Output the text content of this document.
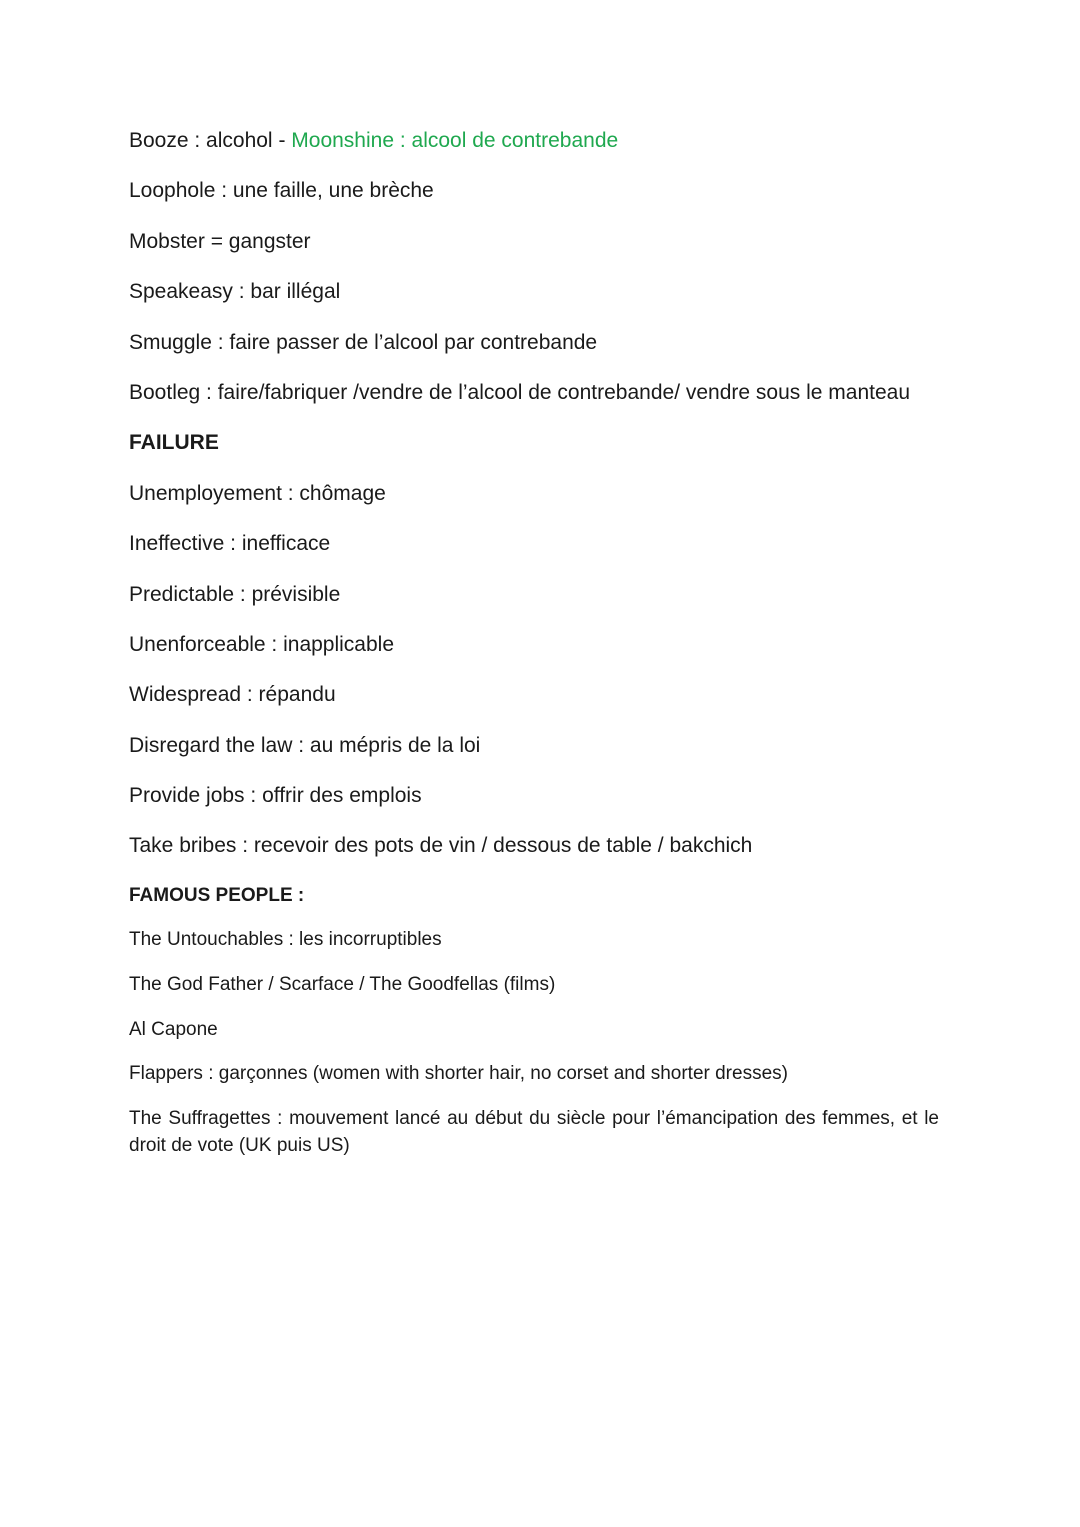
Booze : alcohol - Moonshine : alcool de contrebande

Loophole : une faille, une brèche

Mobster = gangster

Speakeasy : bar illégal

Smuggle : faire passer de l’alcool par contrebande

Bootleg : faire/fabriquer /vendre de l’alcool de contrebande/ vendre sous le manteau

FAILURE

Unemployement : chômage

Ineffective : inefficace

Predictable : prévisible

Unenforceable : inapplicable

Widespread : répandu

Disregard the law : au mépris de la loi

Provide jobs : offrir des emplois

Take bribes : recevoir des pots de vin / dessous de table / bakchich

FAMOUS PEOPLE :

The Untouchables : les incorruptibles

The God Father / Scarface / The Goodfellas (films)

Al Capone

Flappers : garçonnes (women with shorter hair, no corset and shorter dresses)

The Suffragettes : mouvement lancé au début du siècle pour l’émancipation des femmes, et le droit de vote (UK puis US)
